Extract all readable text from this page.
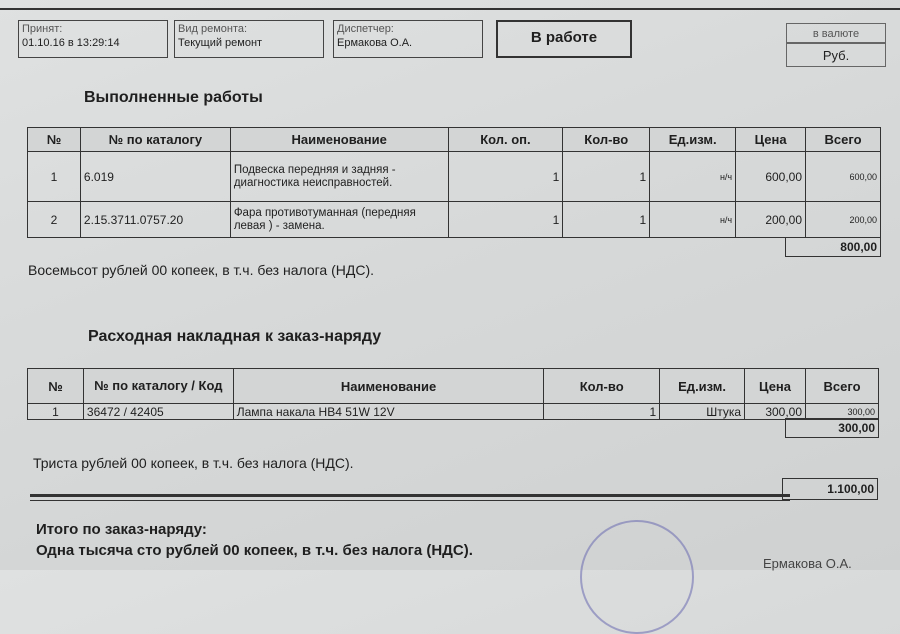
Принят:
01.10.16 в 13:29:14
Вид ремонта:
Текущий ремонт
Диспетчер:
Ермакова О.А.	В работе	в валюте
Руб.
Выполненные работы
№	№ по каталогу	Наименование	Кол. оп.	Кол-во	Ед.изм.	Цена	Всего
1	6.019	Подвеска передняя и задняя - диагностика неисправностей.	1	1	н/ч	600,00	600,00
2	2.15.3711.0757.20	Фара противотуманная (передняя левая ) - замена.	1	1	н/ч	200,00	200,00
800,00
Восемьсот рублей 00 копеек, в т.ч. без налога (НДС).
Расходная накладная к заказ-наряду
№	№ по каталогу / Код	Наименование	Кол-во	Ед.изм.	Цена	Всего
1	36472 / 42405	Лампа накала HB4 51W 12V	1	Штука	300,00	300,00
300,00
Триста рублей 00 копеек, в т.ч. без налога (НДС).
1.100,00
Итого по заказ-наряду:
Одна тысяча сто рублей 00 копеек, в т.ч. без налога (НДС).
Ермакова О.А.
